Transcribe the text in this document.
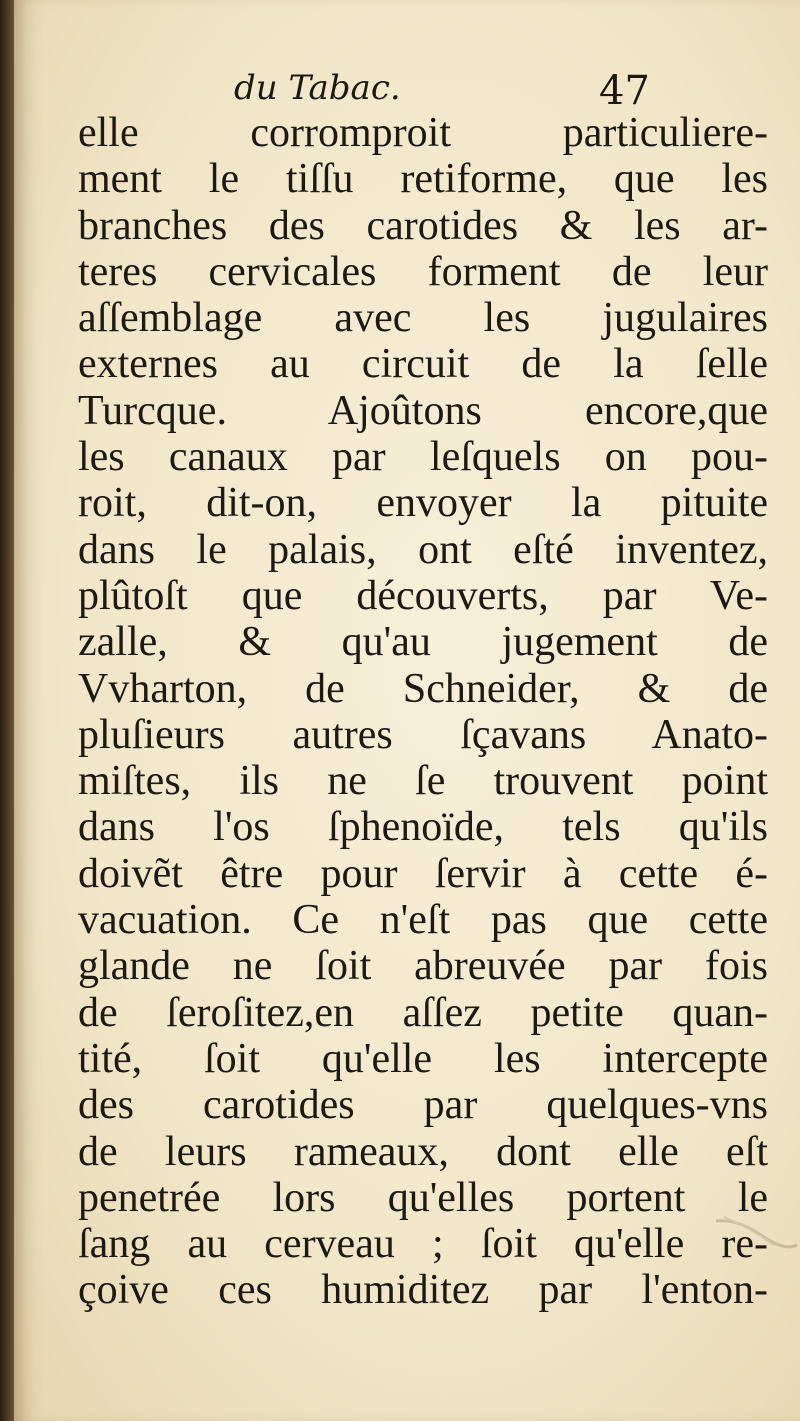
du Tabac.	47
elle corromproit particuliere-
ment le tiſſu retiforme, que les
branches des carotides & les ar-
teres cervicales forment de leur
aſſemblage avec les jugulaires
externes au circuit de la ſelle
Turcque. Ajoûtons encore,que
les canaux par leſquels on pou-
roit, dit-on, envoyer la pituite
dans le palais, ont eſté inventez,
plûtoſt que découverts, par Ve-
zalle, & qu'au jugement de
Vvharton, de Schneider, & de
pluſieurs autres ſçavans Anato-
miſtes, ils ne ſe trouvent point
dans l'os ſphenoïde, tels qu'ils
doivẽt être pour ſervir à cette é-
vacuation. Ce n'eſt pas que cette
glande ne ſoit abreuvée par fois
de ſeroſitez,en aſſez petite quan-
tité, ſoit qu'elle les intercepte
des carotides par quelques-vns
de leurs rameaux, dont elle eſt
penetrée lors qu'elles portent le
ſang au cerveau ; ſoit qu'elle re-
çoive ces humiditez par l'enton-
